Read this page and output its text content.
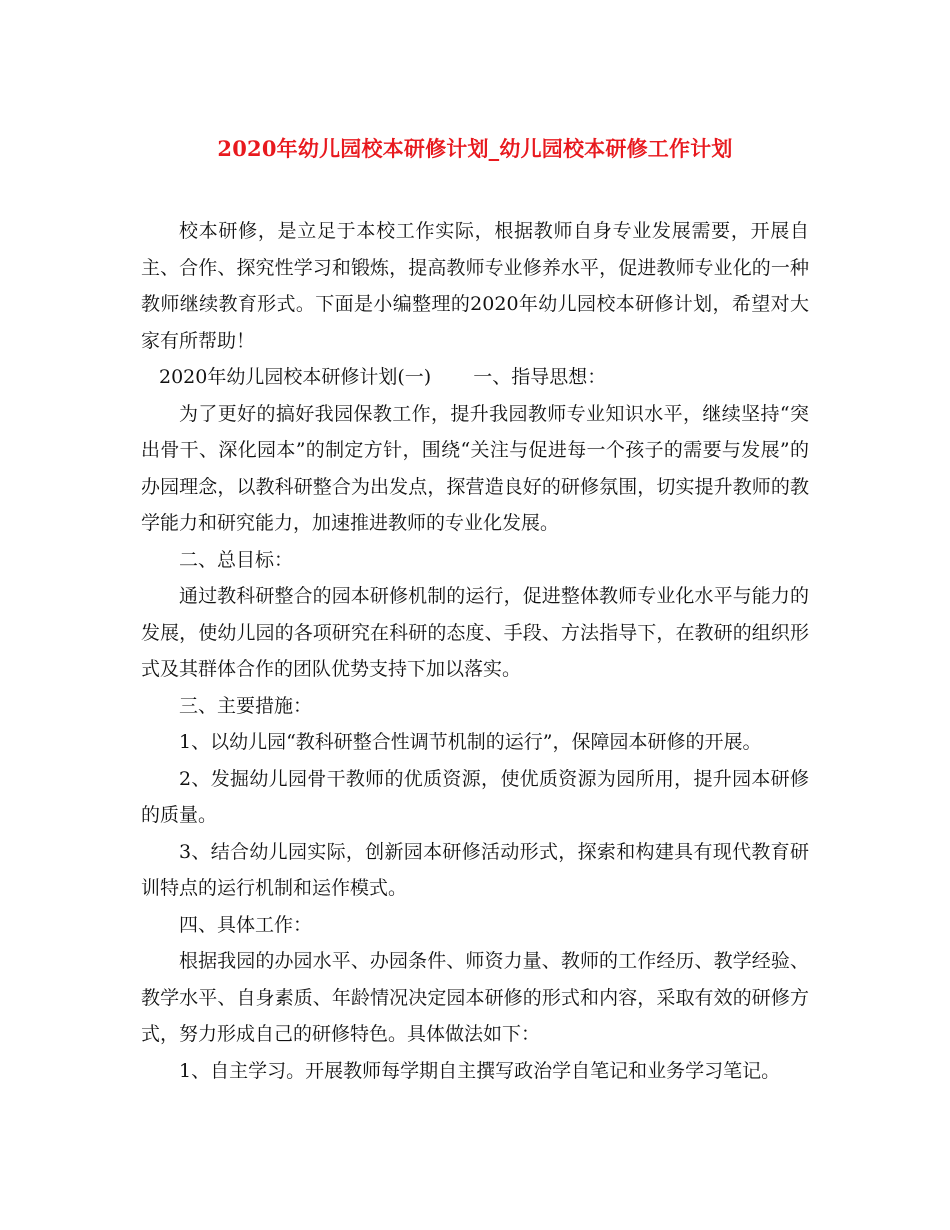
2020年幼儿园校本研修计划_幼儿园校本研修工作计划

校本研修，是立足于本校工作实际，根据教师自身专业发展需要，开展自主、合作、探究性学习和锻炼，提高教师专业修养水平，促进教师专业化的一种教师继续教育形式。下面是小编整理的2020年幼儿园校本研修计划，希望对大家有所帮助！

2020年幼儿园校本研修计划(一) 一、指导思想：

为了更好的搞好我园保教工作，提升我园教师专业知识水平，继续坚持“突出骨干、深化园本”的制定方针，围绕“关注与促进每一个孩子的需要与发展”的办园理念，以教科研整合为出发点，探营造良好的研修氛围，切实提升教师的教学能力和研究能力，加速推进教师的专业化发展。

二、总目标：

通过教科研整合的园本研修机制的运行，促进整体教师专业化水平与能力的发展，使幼儿园的各项研究在科研的态度、手段、方法指导下，在教研的组织形式及其群体合作的团队优势支持下加以落实。

三、主要措施：

1、以幼儿园“教科研整合性调节机制的运行”，保障园本研修的开展。

2、发掘幼儿园骨干教师的优质资源，使优质资源为园所用，提升园本研修的质量。

3、结合幼儿园实际，创新园本研修活动形式，探索和构建具有现代教育研训特点的运行机制和运作模式。

四、具体工作：

根据我园的办园水平、办园条件、师资力量、教师的工作经历、教学经验、教学水平、自身素质、年龄情况决定园本研修的形式和内容，采取有效的研修方式，努力形成自己的研修特色。具体做法如下：

1、自主学习。开展教师每学期自主撰写政治学自笔记和业务学习笔记。
